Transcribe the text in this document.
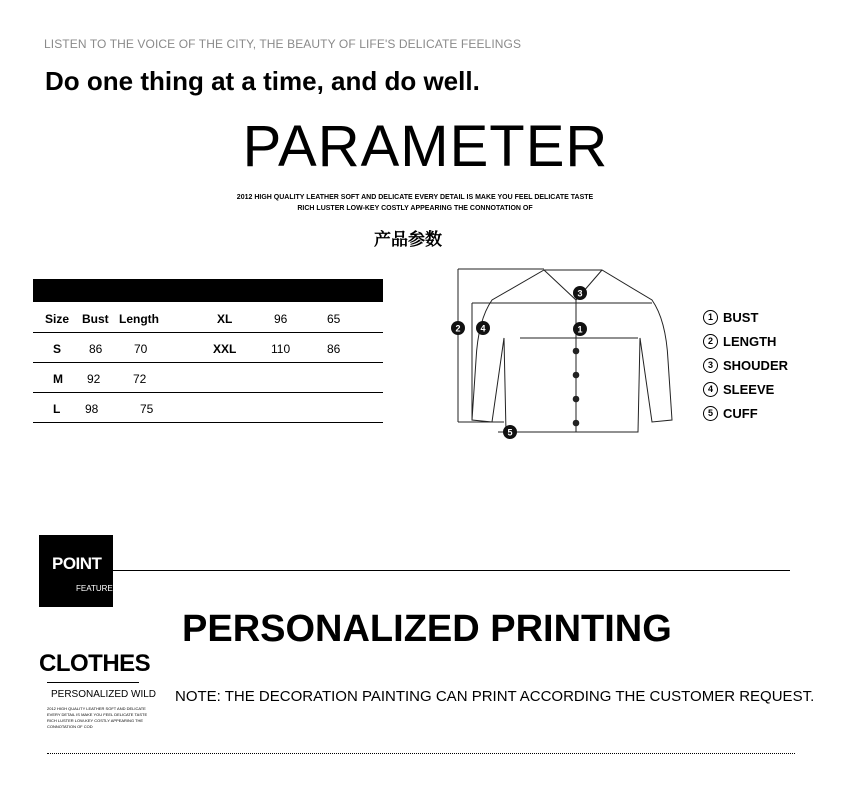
LISTEN TO THE VOICE OF THE CITY, THE BEAUTY OF LIFE'S DELICATE FEELINGS
Do one thing at a time, and do well.
PARAMETER
2012 HIGH QUALITY LEATHER SOFT AND DELICATE EVERY DETAIL IS MAKE YOU FEEL DELICATE TASTE
RICH LUSTER LOW-KEY COSTLY APPEARING THE CONNOTATION OF
产品参数
Size Bust Length	XL	96	65
S 86	70	XXL	110	86
M 92	72
L 98	75
3
1
2 4
5
1 BUST
2 LENGTH
3 SHOUDER
4 SLEEVE
5 CUFF
POINT
FEATURE
PERSONALIZED PRINTING
CLOTHES
PERSONALIZED WILD
2012 HIGH QUALITY LEATHER SOFT AND DELICATE EVERY DETAIL IS MAKE YOU FEEL DELICATE TASTE RICH LUSTER LOW-KEY COSTLY APPEARING THE CONNOTATION OF COD
NOTE: THE DECORATION PAINTING CAN PRINT ACCORDING THE CUSTOMER REQUEST.
